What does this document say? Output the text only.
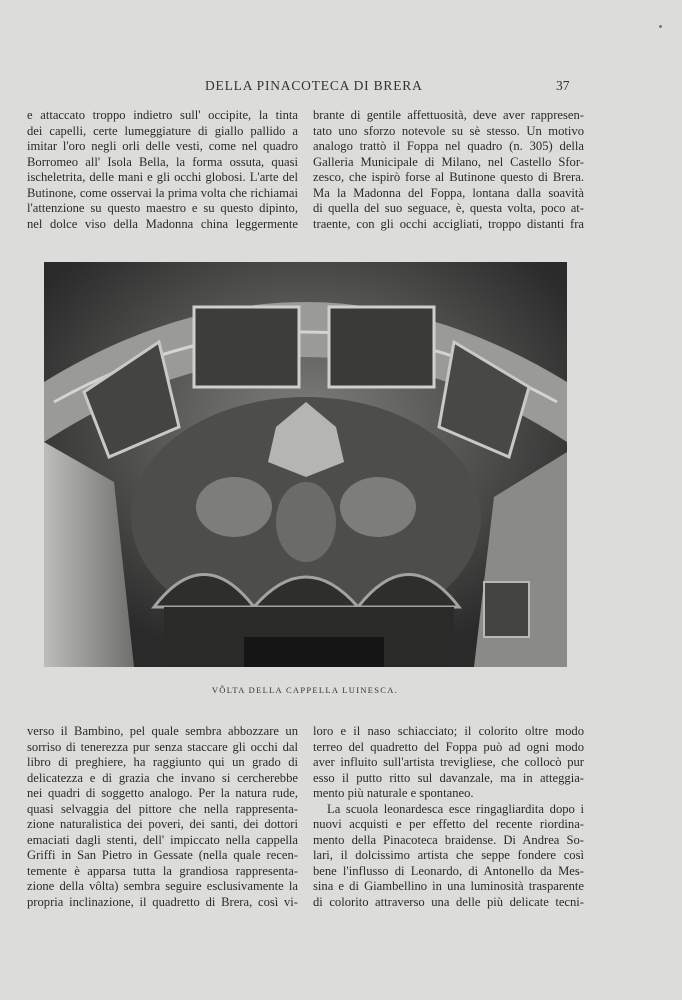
DELLA PINACOTECA DI BRERA	37
e attaccato troppo indietro sull' occipite, la tinta
dei capelli, certe lumeggiature di giallo pallido a
imitar l'oro negli orli delle vesti, come nel quadro
Borromeo all' Isola Bella, la forma ossuta, quasi
ischeletrita, delle mani e gli occhi globosi. L'arte del
Butinone, come osservai la prima volta che richiamai
l'attenzione su questo maestro e su questo dipinto,
nel dolce viso della Madonna china leggermente
brante di gentile affettuosità, deve aver rappresen-
tato uno sforzo notevole su sè stesso. Un motivo
analogo trattò il Foppa nel quadro (n. 305) della
Galleria Municipale di Milano, nel Castello Sfor-
zesco, che ispirò forse al Butinone questo di Brera.
Ma la Madonna del Foppa, lontana dalla soavità
di quella del suo seguace, è, questa volta, poco at-
traente, con gli occhi accigliati, troppo distanti fra
VÔLTA DELLA CAPPELLA LUINESCA.
verso il Bambino, pel quale sembra abbozzare un
sorriso di tenerezza pur senza staccare gli occhi dal
libro di preghiere, ha raggiunto qui un grado di
delicatezza e di grazia che invano si cercherebbe
nei quadri di soggetto analogo. Per la natura rude,
quasi selvaggia del pittore che nella rappresenta-
zione naturalistica dei poveri, dei santi, dei dottori
emaciati dagli stenti, dell' impiccato nella cappella
Griffi in San Pietro in Gessate (nella quale recen-
temente è apparsa tutta la grandiosa rappresenta-
zione della vôlta) sembra seguire esclusivamente la
propria inclinazione, il quadretto di Brera, così vi-
loro e il naso schiacciato; il colorito oltre modo
terreo del quadretto del Foppa può ad ogni modo
aver influito sull'artista trevigliese, che collocò pur
esso il putto ritto sul davanzale, ma in atteggia-
mento più naturale e spontaneo.
La scuola leonardesca esce ringagliardita dopo i
nuovi acquisti e per effetto del recente riordina-
mento della Pinacoteca braidense. Di Andrea So-
lari, il dolcissimo artista che seppe fondere così
bene l'influsso di Leonardo, di Antonello da Mes-
sina e di Giambellino in una luminosità trasparente
di colorito attraverso una delle più delicate tecni-
